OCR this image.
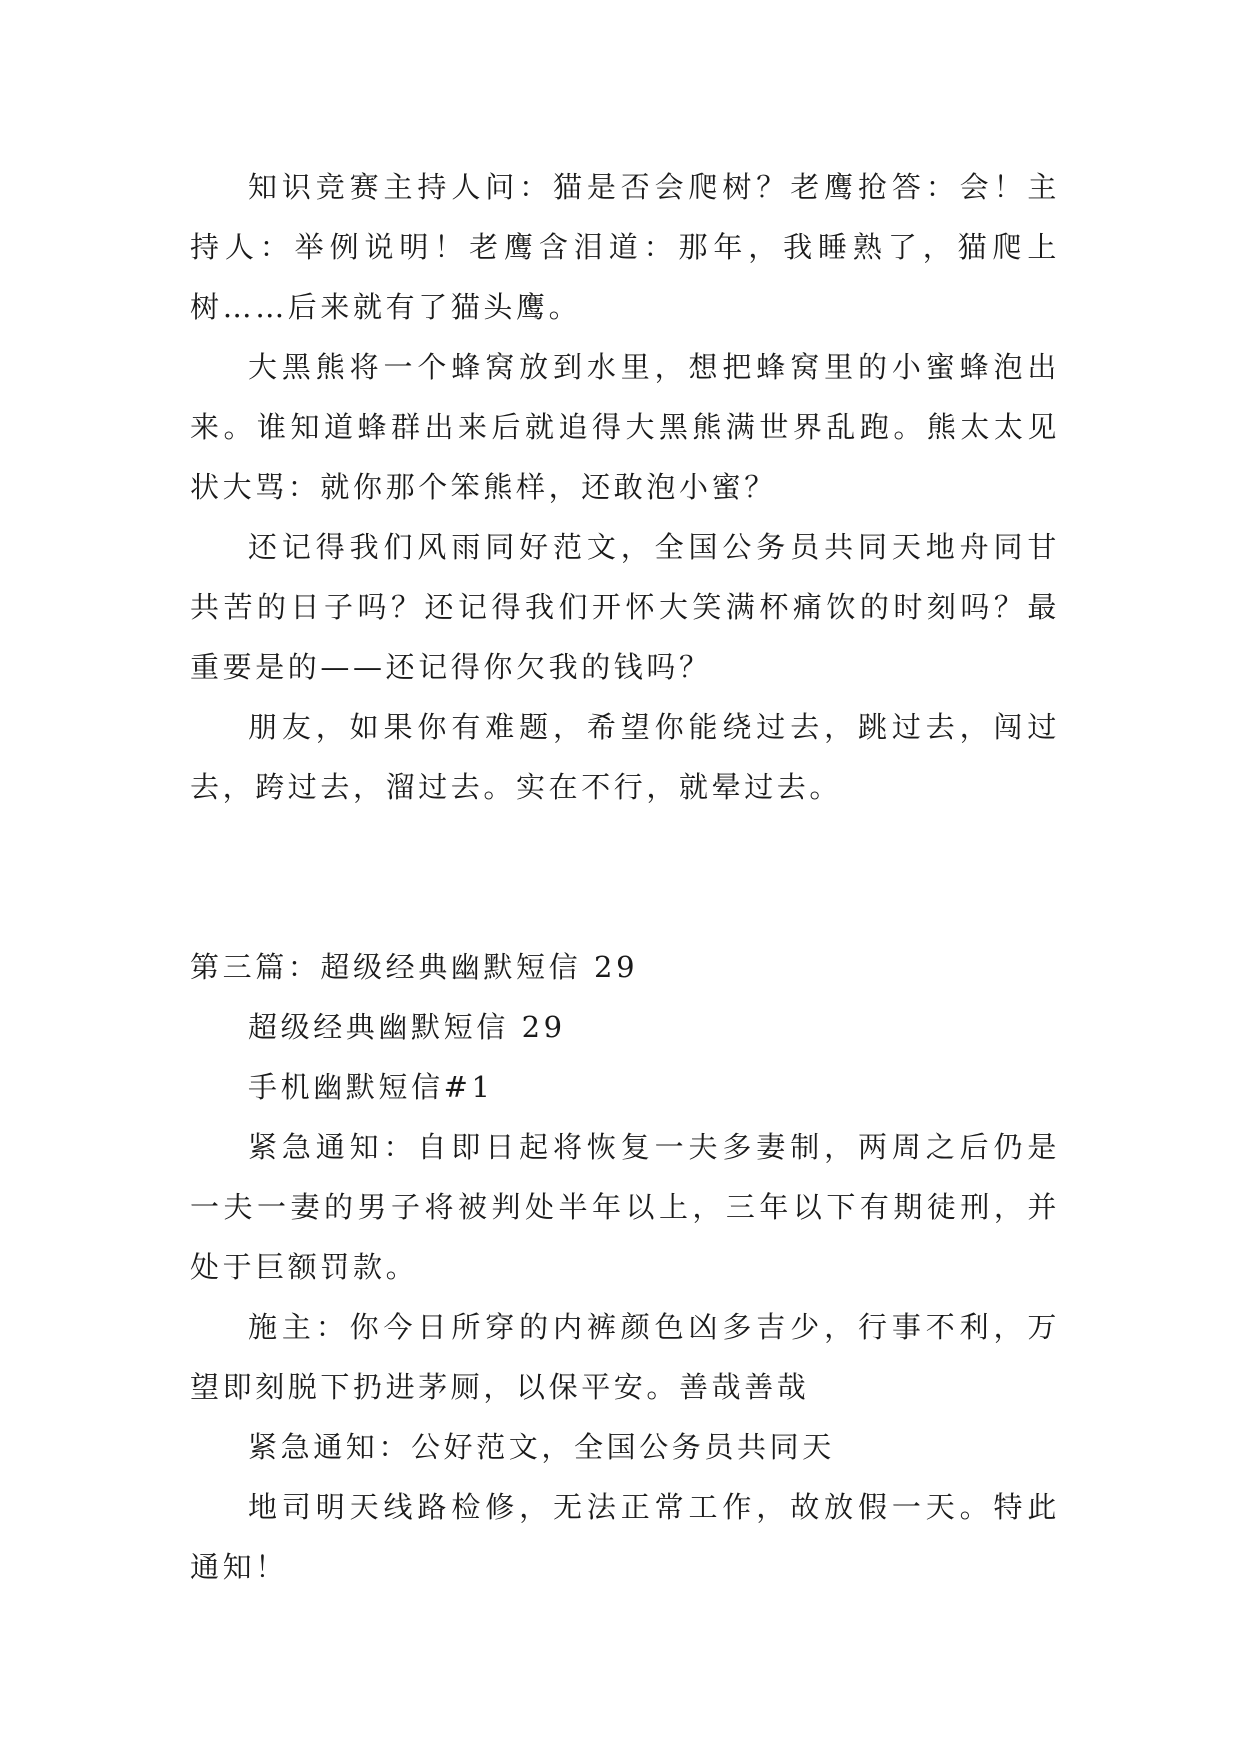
知识竞赛主持人问：猫是否会爬树？老鹰抢答：会！主持人：举例说明！老鹰含泪道：那年，我睡熟了，猫爬上树……后来就有了猫头鹰。

大黑熊将一个蜂窝放到水里，想把蜂窝里的小蜜蜂泡出来。谁知道蜂群出来后就追得大黑熊满世界乱跑。熊太太见状大骂：就你那个笨熊样，还敢泡小蜜？

还记得我们风雨同好范文，全国公务员共同天地舟同甘共苦的日子吗？还记得我们开怀大笑满杯痛饮的时刻吗？最重要是的——还记得你欠我的钱吗？

朋友，如果你有难题，希望你能绕过去，跳过去，闯过去，跨过去，溜过去。实在不行，就晕过去。

第三篇：超级经典幽默短信 29

超级经典幽默短信 29

手机幽默短信#1

紧急通知：自即日起将恢复一夫多妻制，两周之后仍是一夫一妻的男子将被判处半年以上，三年以下有期徒刑，并处于巨额罚款。

施主：你今日所穿的内裤颜色凶多吉少，行事不利，万望即刻脱下扔进茅厕，以保平安。善哉善哉

紧急通知：公好范文，全国公务员共同天

地司明天线路检修，无法正常工作，故放假一天。特此通知！
